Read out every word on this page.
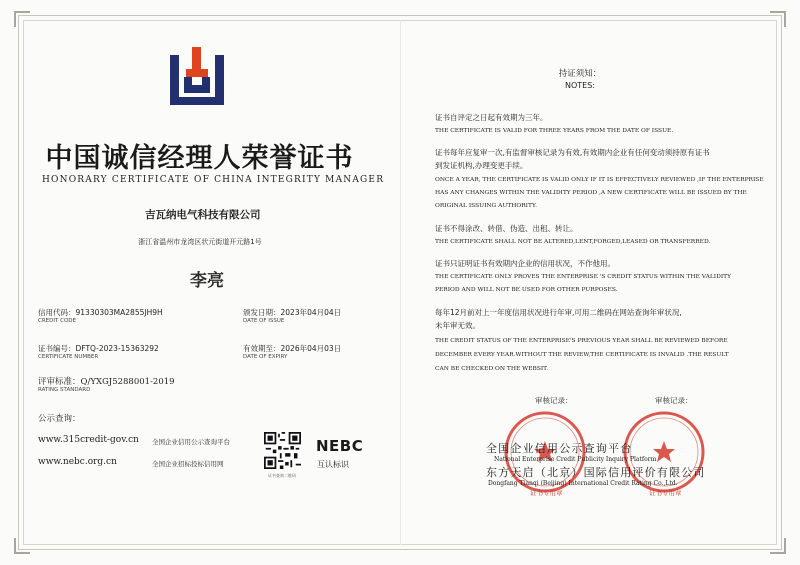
中国诚信经理人荣誉证书
HONORARY CERTIFICATE OF CHINA INTEGRITY MANAGER
吉瓦纳电气科技有限公司
浙江省温州市龙湾区状元街道开元路1号
李亮
信用代码：91330303MA2855JH9H
CREDIT CODE
颁发日期：2023年04月04日
DATE OF ISSUE
证书编号：DFTQ-2023-15363292
CERTIFICATE NUMBER
有效期至：2026年04月03日
DATE OF EXPIRY
评审标准：Q/YXGJ5288001-2019
RATING STANDARD
公示查询：
www.315credit-gov.cn 全国企业信用公示查询平台
www.nebc.org.cn	全国企业招标投标信用网
证书查询二维码
NEBC
互认标识
持证须知：
NOTES:
证书自评定之日起有效期为三年。
THE CERTIFICATE IS VALID FOR THREE YEARS FROM THE DATE OF ISSUE.
证书每年应复审一次,有监督审核记录为有效,有效期内企业有任何变动须持原有证书
到发证机构,办理变更手续。
ONCE A YEAR, THE CERTIFICATE IS VALID ONLY IF IT IS EFFECTIVELY REVIEWED ,IF THE ENTERPRISE
HAS ANY CHANGES WITHIN THE VALIDITY PERIOD ,A NEW CERTIFICATE WILL BE ISSUED BY THE
ORIGINAL ISSUING AUTHORITY.
证书不得涂改、转借、伪造、出租、转让。
THE CERTIFICATE SHALL NOT BE ALTERED,LENT,FORGED,LEASED OR TRANSFERRED.
证书只证明证书有效期内企业的信用状况，不作他用。
THE CERTIFICATE ONLY PROVES THE ENTERPRISE 'S CREDIT STATUS WITHIN THE VALIDITY
PERIOD AND WILL NOT BE USED FOR OTHER PURPOSES.
每年12月前对上一年度信用状况进行年审,可用二维码在网站查询年审状况,
未年审无效。
THE CREDIT STATUS OF THE ENTERPRISE'S PREVIOUS YEAR SHALL BE REVIEWED BEFORE
DECEMBER EVERY YEAR.WITHOUT THE REVIEW,THE CERTIFICATE IS INVALID .THE RESULT
CAN BE CHECKED ON THE WEBSIT.
审核记录：	审核记录：
全国企业信用公示查询平台
National Enterprise Credit Publicity Inquiry Platform
东方天启（北京）国际信用评价有限公司
Dongfang Tianqi (Beijing) International Credit Rating Co.,Ltd.
证书专用章	证书专用章
